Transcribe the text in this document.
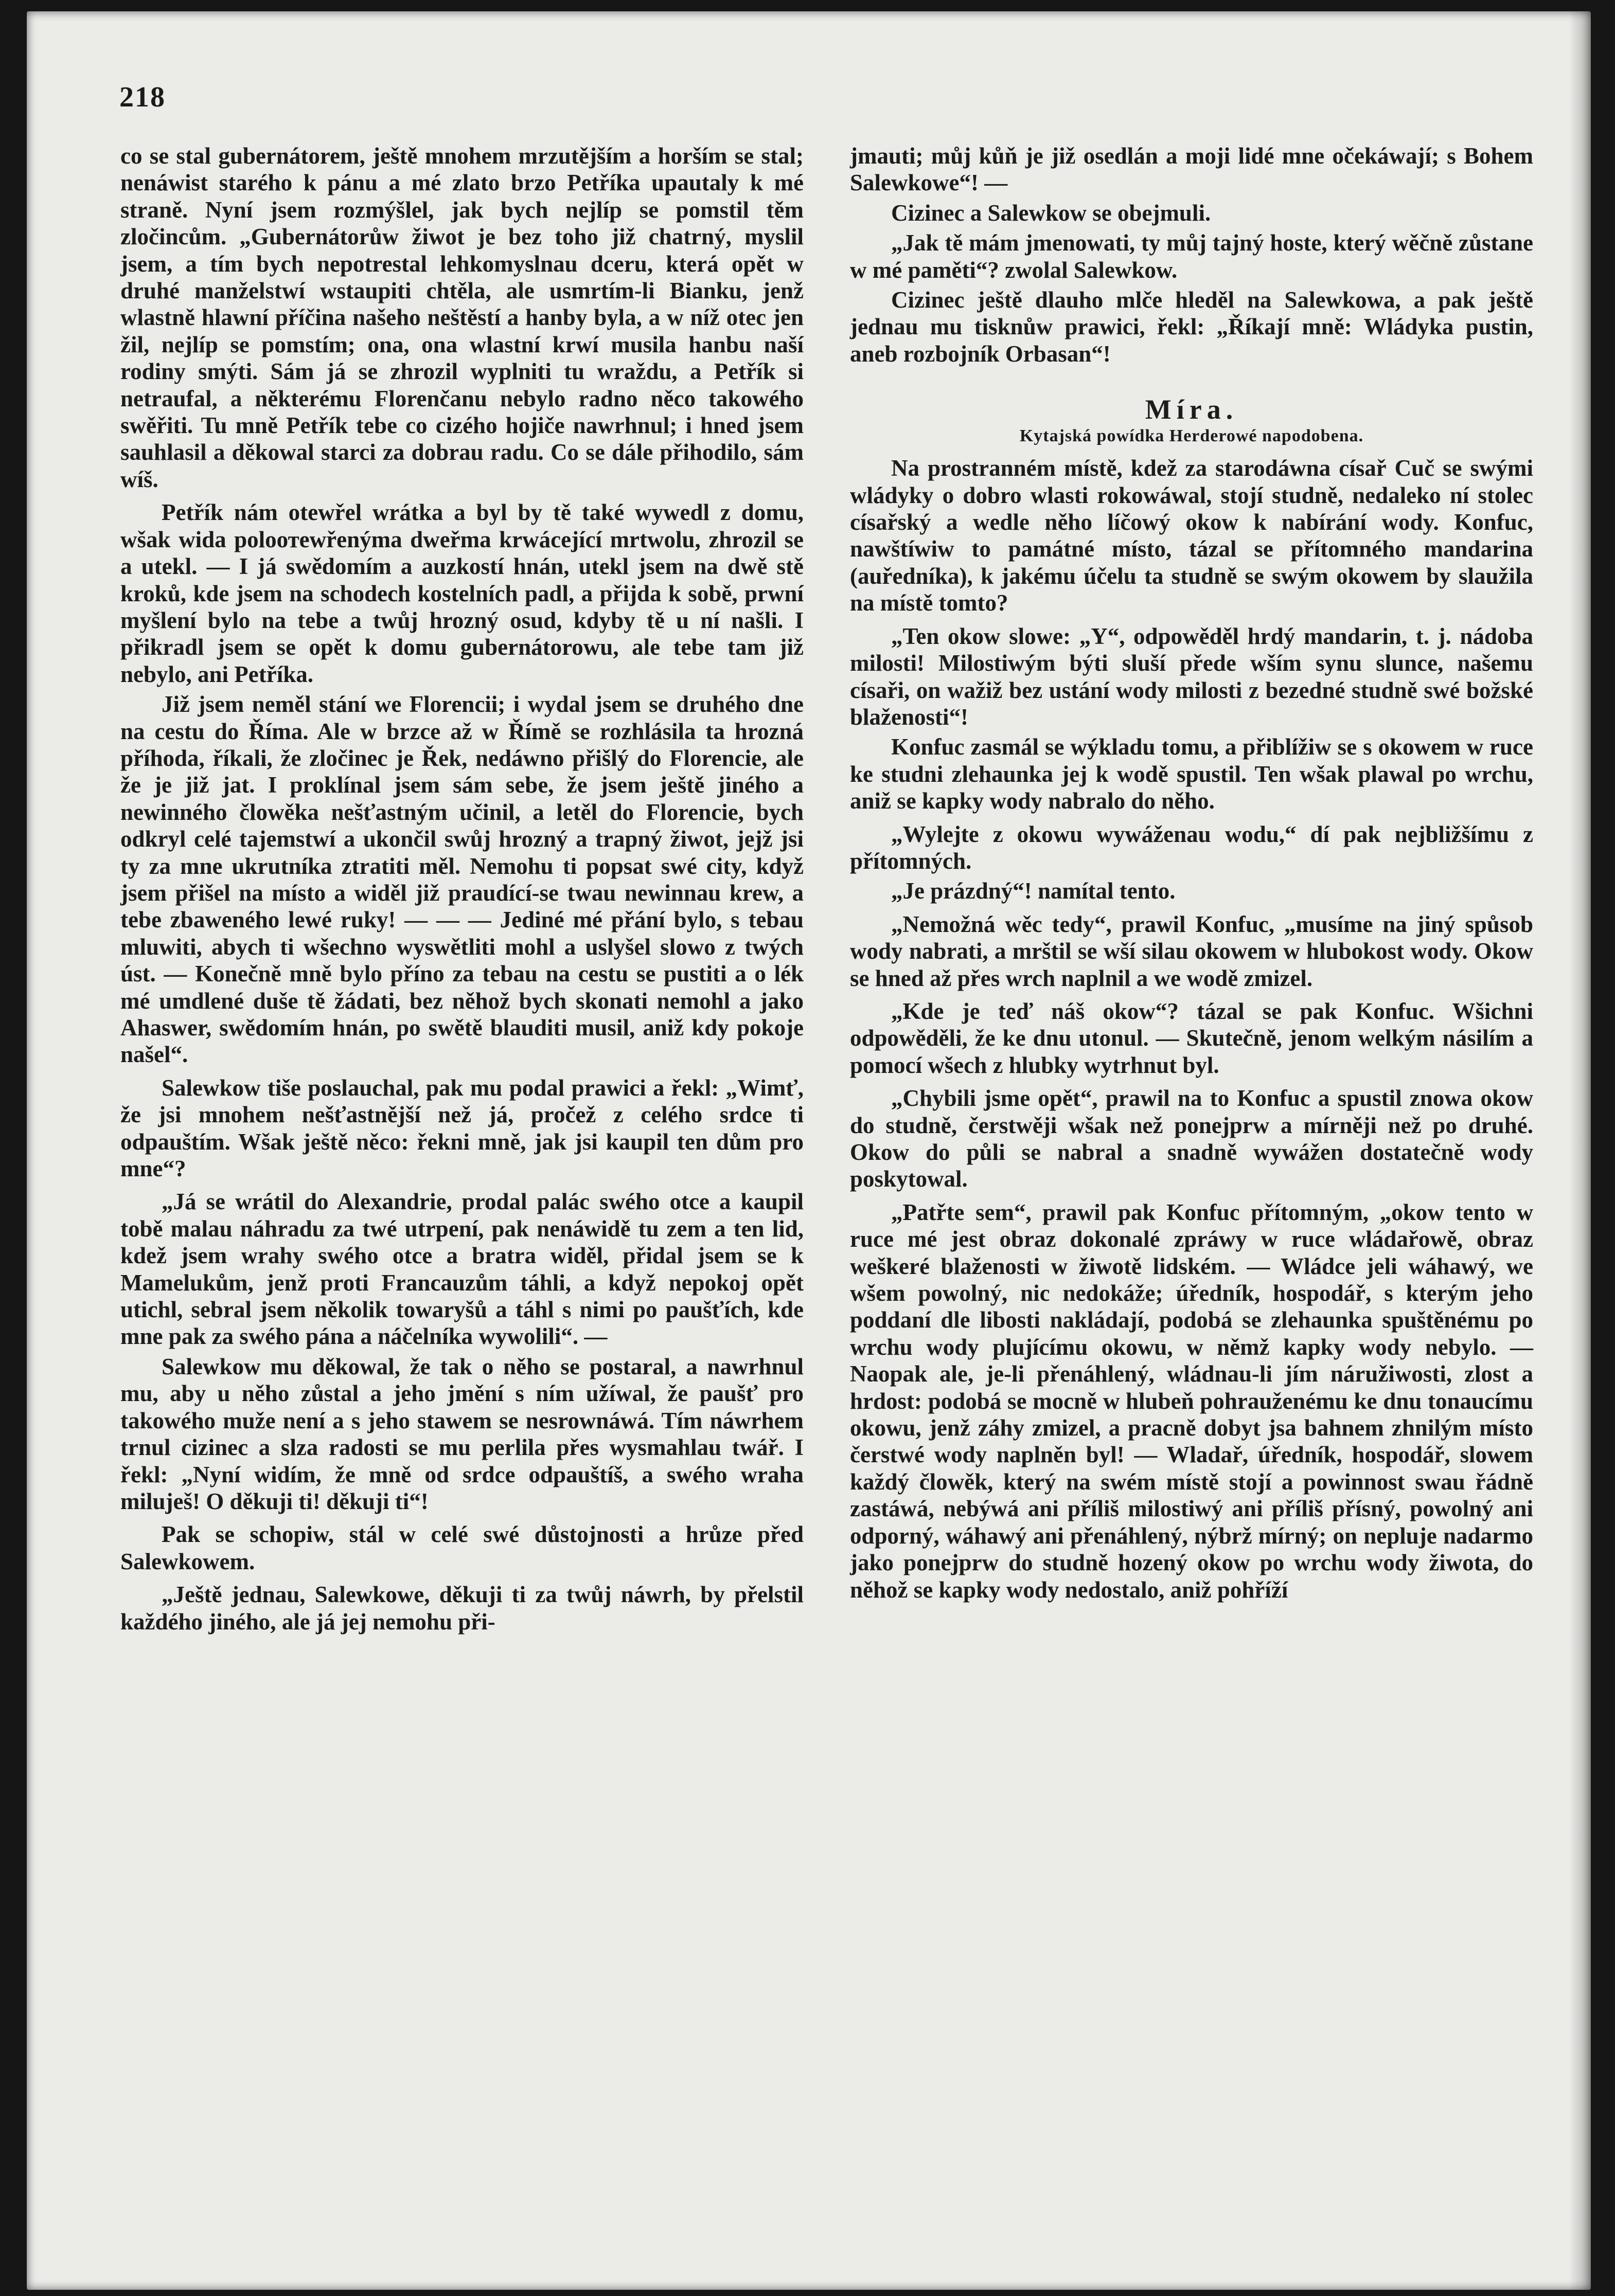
218

co se stal gubernátorem, ještě mnohem mrzutějším a horším se stal; nenáwist starého k pánu a mé zlato brzo Petříka upautaly k mé straně. Nyní jsem rozmýšlel, jak bych nejlíp se pomstil těm zločincům. „Gubernátorůw žiwot je bez toho již chatrný, myslil jsem, a tím bych nepotrestal lehkomyslnau dceru, která opět w druhé manželstwí wstaupiti chtěla, ale usmrtím-li Bianku, jenž wlastně hlawní příčina našeho neštěstí a hanby byla, a w níž otec jen žil, nejlíp se pomstím; ona, ona wlastní krwí musila hanbu naší rodiny smýti. Sám já se zhrozil wyplniti tu wraždu, a Petřík si netraufal, a některému Florenčanu nebylo radno něco takowého swěřiti. Tu mně Petřík tebe co cizého hojiče nawrhnul; i hned jsem sauhlasil a děkowal starci za dobrau radu. Co se dále přihodilo, sám wíš.

Petřík nám otewřel wrátka a byl by tě také wywedl z domu, wšak wida poloотewřenýma dweřma krwácející mrtwolu, zhrozil se a utekl. — I já swědomím a auzkostí hnán, utekl jsem na dwě stě kroků, kde jsem na schodech kostelních padl, a přijda k sobě, prwní myšlení bylo na tebe a twůj hrozný osud, kdyby tě u ní našli. I přikradl jsem se opět k domu gubernátorowu, ale tebe tam již nebylo, ani Petříka.

Již jsem neměl stání we Florencii; i wydal jsem se druhého dne na cestu do Říma. Ale w brzce až w Římě se rozhlásila ta hrozná příhoda, říkali, že zločinec je Řek, nedáwno přišlý do Florencie, ale že je již jat. I proklínal jsem sám sebe, že jsem ještě jiného a newinného člowěka nešťastným učinil, a letěl do Florencie, bych odkryl celé tajemstwí a ukončil swůj hrozný a trapný žiwot, jejž jsi ty za mne ukrutníka ztratiti měl. Nemohu ti popsat swé city, když jsem přišel na místo a widěl již praudící-se twau newinnau krew, a tebe zbaweného lewé ruky! — — — Jediné mé přání bylo, s tebau mluwiti, abych ti wšechno wyswětliti mohl a uslyšel slowo z twých úst. — Konečně mně bylo příno za tebau na cestu se pustiti a o lék mé umdlené duše tě žádati, bez něhož bych skonati nemohl a jako Ahaswer, swědomím hnán, po swětě blauditi musil, aniž kdy pokoje našel“.

Salewkow tiše poslauchal, pak mu podal prawici a řekl: „Wimť, že jsi mnohem nešťastnější než já, pročež z celého srdce ti odpauštím. Wšak ještě něco: řekni mně, jak jsi kaupil ten dům pro mne“?

„Já se wrátil do Alexandrie, prodal palác swého otce a kaupil tobě malau náhradu za twé utrpení, pak nenáwidě tu zem a ten lid, kdež jsem wrahy swého otce a bratra widěl, přidal jsem se k Mamelukům, jenž proti Francauzům táhli, a když nepokoj opět utichl, sebral jsem několik towaryšů a táhl s nimi po paušťích, kde mne pak za swého pána a náčelníka wywolili“. —

Salewkow mu děkowal, že tak o něho se postaral, a nawrhnul mu, aby u něho zůstal a jeho jmění s ním užíwal, že paušť pro takowého muže není a s jeho stawem se nesrownáwá. Tím náwrhem trnul cizinec a slza radosti se mu perlila přes wysmahlau twář. I řekl: „Nyní widím, že mně od srdce odpauštíš, a swého wraha miluješ! O děkuji ti! děkuji ti“!

Pak se schopiw, stál w celé swé důstojnosti a hrůze před Salewkowem.

„Ještě jednau, Salewkowe, děkuji ti za twůj náwrh, by přelstil každého jiného, ale já jej nemohu při-

jmauti; můj kůň je již osedlán a moji lidé mne očekáwají; s Bohem Salewkowe“! —

Cizinec a Salewkow se obejmuli.

„Jak tě mám jmenowati, ty můj tajný hoste, který wěčně zůstane w mé paměti“? zwolal Salewkow.

Cizinec ještě dlauho mlče hleděl na Salewkowa, a pak ještě jednau mu tisknůw prawici, řekl: „Říkají mně: Wládyka pustin, aneb rozbojník Orbasan“!

Míra.
Kytajská powídka Herderowé napodobena.

Na prostranném místě, kdež za starodáwna císař Cuč se swými wládyky o dobro wlasti rokowáwal, stojí studně, nedaleko ní stolec císařský a wedle něho líčowý okow k nabírání wody. Konfuc, nawštíwiw to památné místo, tázal se přítomného mandarina (auředníka), k jakému účelu ta studně se swým okowem by slaužila na místě tomto?

„Ten okow slowe: „Y“, odpowěděl hrdý mandarin, t. j. nádoba milosti! Milostiwým býti sluší přede wším synu slunce, našemu císaři, on wažiž bez ustání wody milosti z bezedné studně swé božské blaženosti“!

Konfuc zasmál se wýkladu tomu, a přiblížiw se s okowem w ruce ke studni zlehaunka jej k wodě spustil. Ten wšak plawal po wrchu, aniž se kapky wody nabralo do něho.

„Wylejte z okowu wywáženau wodu,“ dí pak nejbližšímu z přítomných.

„Je prázdný“! namítal tento.

„Nemožná wěc tedy“, prawil Konfuc, „musíme na jiný spůsob wody nabrati, a mrštil se wší silau okowem w hlubokost wody. Okow se hned až přes wrch naplnil a we wodě zmizel.

„Kde je teď náš okow“? tázal se pak Konfuc. Wšichni odpowěděli, že ke dnu utonul. — Skutečně, jenom welkým násilím a pomocí wšech z hlubky wytrhnut byl.

„Chybili jsme opět“, prawil na to Konfuc a spustil znowa okow do studně, čerstwěji wšak než ponejprw a mírněji než po druhé. Okow do půli se nabral a snadně wywážen dostatečně wody poskytowal.

„Patřte sem“, prawil pak Konfuc přítomným, „okow tento w ruce mé jest obraz dokonalé zpráwy w ruce wládařowě, obraz weškeré blaženosti w žiwotě lidském. — Wládce jeli wáhawý, we wšem powolný, nic nedokáže; úředník, hospodář, s kterým jeho poddaní dle libosti nakládají, podobá se zlehaunka spuštěnému po wrchu wody plujícímu okowu, w němž kapky wody nebylo. — Naopak ale, je-li přenáhlený, wládnau-li jím náružiwosti, zlost a hrdost: podobá se mocně w hlubeň pohrauženému ke dnu tonaucímu okowu, jenž záhy zmizel, a pracně dobyt jsa bahnem zhnilým místo čerstwé wody naplněn byl! — Wladař, úředník, hospodář, slowem každý člowěk, který na swém místě stojí a powinnost swau řádně zastáwá, nebýwá ani příliš milostiwý ani příliš přísný, powolný ani odporný, wáhawý ani přenáhlený, nýbrž mírný; on nepluje nadarmo jako ponejprw do studně hozený okow po wrchu wody žiwota, do něhož se kapky wody nedostalo, aniž pohříží
